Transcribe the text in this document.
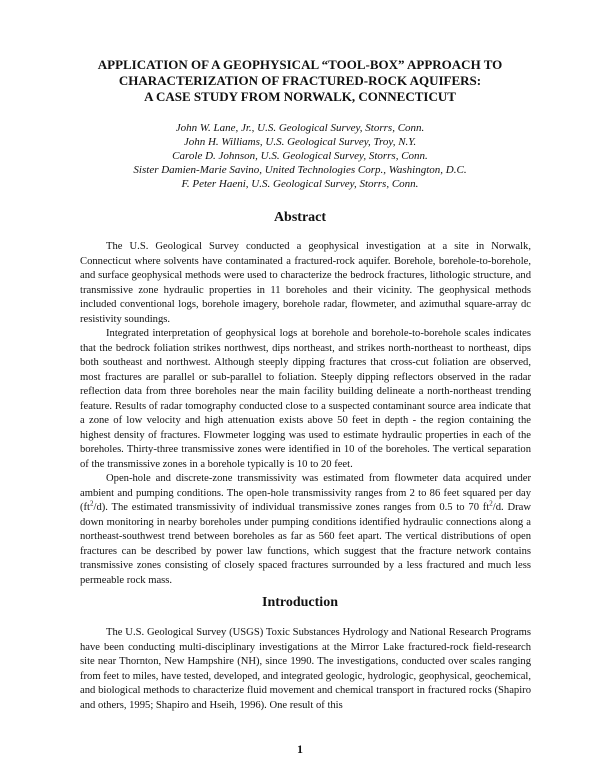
APPLICATION OF A GEOPHYSICAL “TOOL-BOX” APPROACH TO
CHARACTERIZATION OF FRACTURED-ROCK AQUIFERS:
A CASE STUDY FROM NORWALK, CONNECTICUT
John W. Lane, Jr., U.S. Geological Survey, Storrs, Conn.
John H. Williams, U.S. Geological Survey, Troy, N.Y.
Carole D. Johnson, U.S. Geological Survey, Storrs, Conn.
Sister Damien-Marie Savino, United Technologies Corp., Washington, D.C.
F. Peter Haeni, U.S. Geological Survey, Storrs, Conn.
Abstract

The U.S. Geological Survey conducted a geophysical investigation at a site in Norwalk, Connecticut where solvents have contaminated a fractured-rock aquifer. Borehole, borehole-to-borehole, and surface geophysical methods were used to characterize the bedrock fractures, lithologic structure, and transmissive zone hydraulic properties in 11 boreholes and their vicinity. The geophysical methods included conventional logs, borehole imagery, borehole radar, flowmeter, and azimuthal square-array dc resistivity soundings.

Integrated interpretation of geophysical logs at borehole and borehole-to-borehole scales indicates that the bedrock foliation strikes northwest, dips northeast, and strikes north-northeast to northeast, dips both southeast and northwest. Although steeply dipping fractures that cross-cut foliation are observed, most fractures are parallel or sub-parallel to foliation. Steeply dipping reflectors observed in the radar reflection data from three boreholes near the main facility building delineate a north-northeast trending feature. Results of radar tomography conducted close to a suspected contaminant source area indicate that a zone of low velocity and high attenuation exists above 50 feet in depth - the region containing the highest density of fractures. Flowmeter logging was used to estimate hydraulic properties in each of the boreholes. Thirty-three transmissive zones were identified in 10 of the boreholes. The vertical separation of the transmissive zones in a borehole typically is 10 to 20 feet.

Open-hole and discrete-zone transmissivity was estimated from flowmeter data acquired under ambient and pumping conditions. The open-hole transmissivity ranges from 2 to 86 feet squared per day $(ft^2/d)$. The estimated transmissivity of individual transmissive zones ranges from 0.5 to 70 $ft^2/d$. Draw down monitoring in nearby boreholes under pumping conditions identified hydraulic connections along a northeast-southwest trend between boreholes as far as 560 feet apart. The vertical distributions of open fractures can be described by power law functions, which suggest that the fracture network contains transmissive zones consisting of closely spaced fractures surrounded by a less fractured and much less permeable rock mass.

Introduction

The U.S. Geological Survey (USGS) Toxic Substances Hydrology and National Research Programs have been conducting multi-disciplinary investigations at the Mirror Lake fractured-rock field-research site near Thornton, New Hampshire (NH), since 1990. The investigations, conducted over scales ranging from feet to miles, have tested, developed, and integrated geologic, hydrologic, geophysical, geochemical, and biological methods to characterize fluid movement and chemical transport in fractured rocks (Shapiro and others, 1995; Shapiro and Hseih, 1996). One result of this

1
